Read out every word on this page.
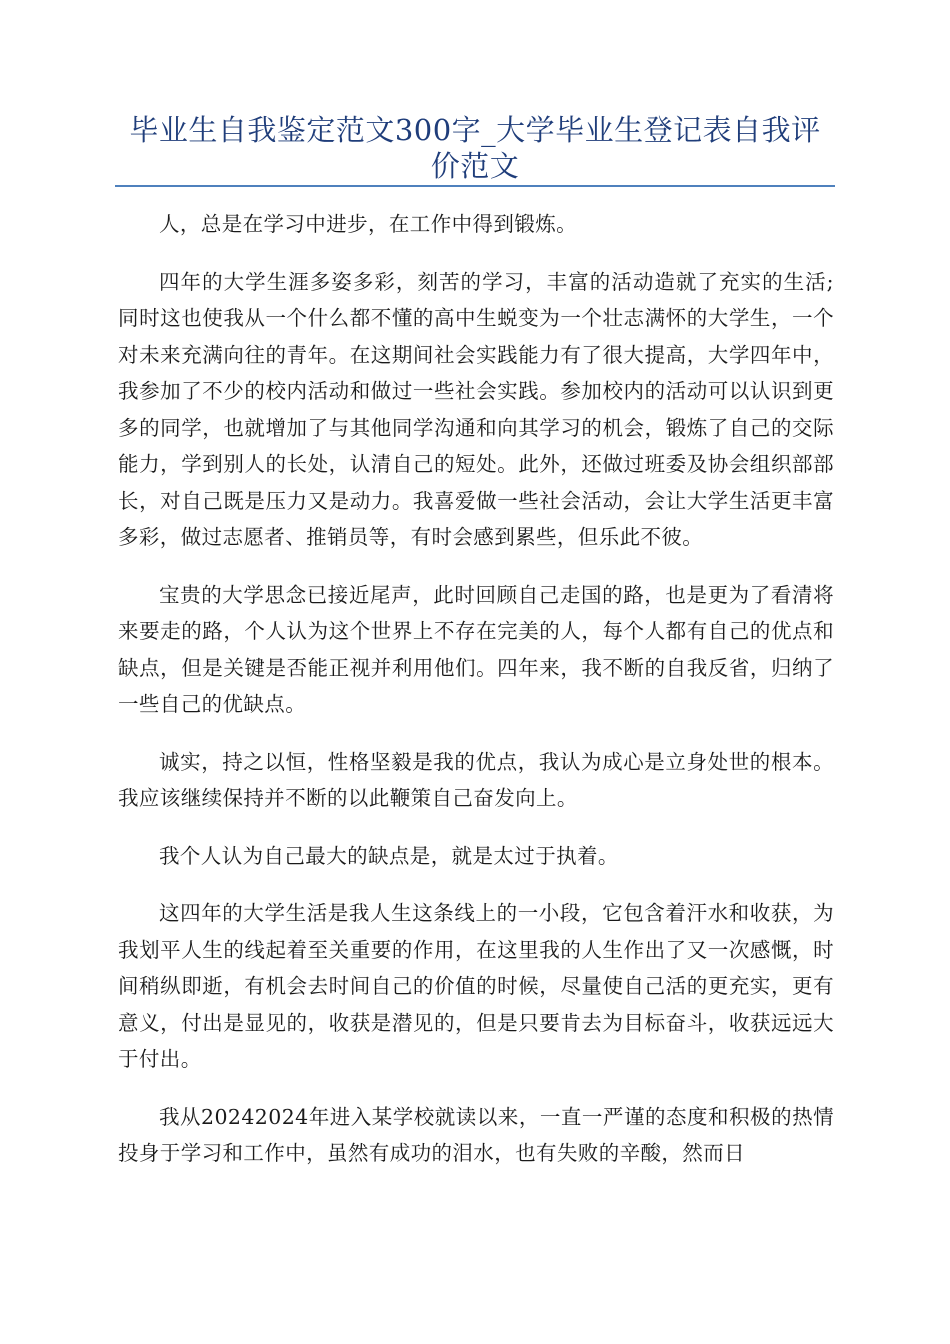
毕业生自我鉴定范文300字_大学毕业生登记表自我评价范文

人，总是在学习中进步，在工作中得到锻炼。

四年的大学生涯多姿多彩，刻苦的学习，丰富的活动造就了充实的生活;同时这也使我从一个什么都不懂的高中生蜕变为一个壮志满怀的大学生，一个对未来充满向往的青年。在这期间社会实践能力有了很大提高，大学四年中，我参加了不少的校内活动和做过一些社会实践。参加校内的活动可以认识到更多的同学，也就增加了与其他同学沟通和向其学习的机会，锻炼了自己的交际能力，学到别人的长处，认清自己的短处。此外，还做过班委及协会组织部部长，对自己既是压力又是动力。我喜爱做一些社会活动，会让大学生活更丰富多彩，做过志愿者、推销员等，有时会感到累些，但乐此不彼。

宝贵的大学思念已接近尾声，此时回顾自己走国的路，也是更为了看清将来要走的路，个人认为这个世界上不存在完美的人，每个人都有自己的优点和缺点，但是关键是否能正视并利用他们。四年来，我不断的自我反省，归纳了一些自己的优缺点。

诚实，持之以恒，性格坚毅是我的优点，我认为成心是立身处世的根本。我应该继续保持并不断的以此鞭策自己奋发向上。

我个人认为自己最大的缺点是，就是太过于执着。

这四年的大学生活是我人生这条线上的一小段，它包含着汗水和收获，为我划平人生的线起着至关重要的作用，在这里我的人生作出了又一次感慨，时间稍纵即逝，有机会去时间自己的价值的时候，尽量使自己活的更充实，更有意义，付出是显见的，收获是潜见的，但是只要肯去为目标奋斗，收获远远大于付出。

我从20242024年进入某学校就读以来，一直一严谨的态度和积极的热情投身于学习和工作中，虽然有成功的泪水，也有失败的辛酸，然而日
